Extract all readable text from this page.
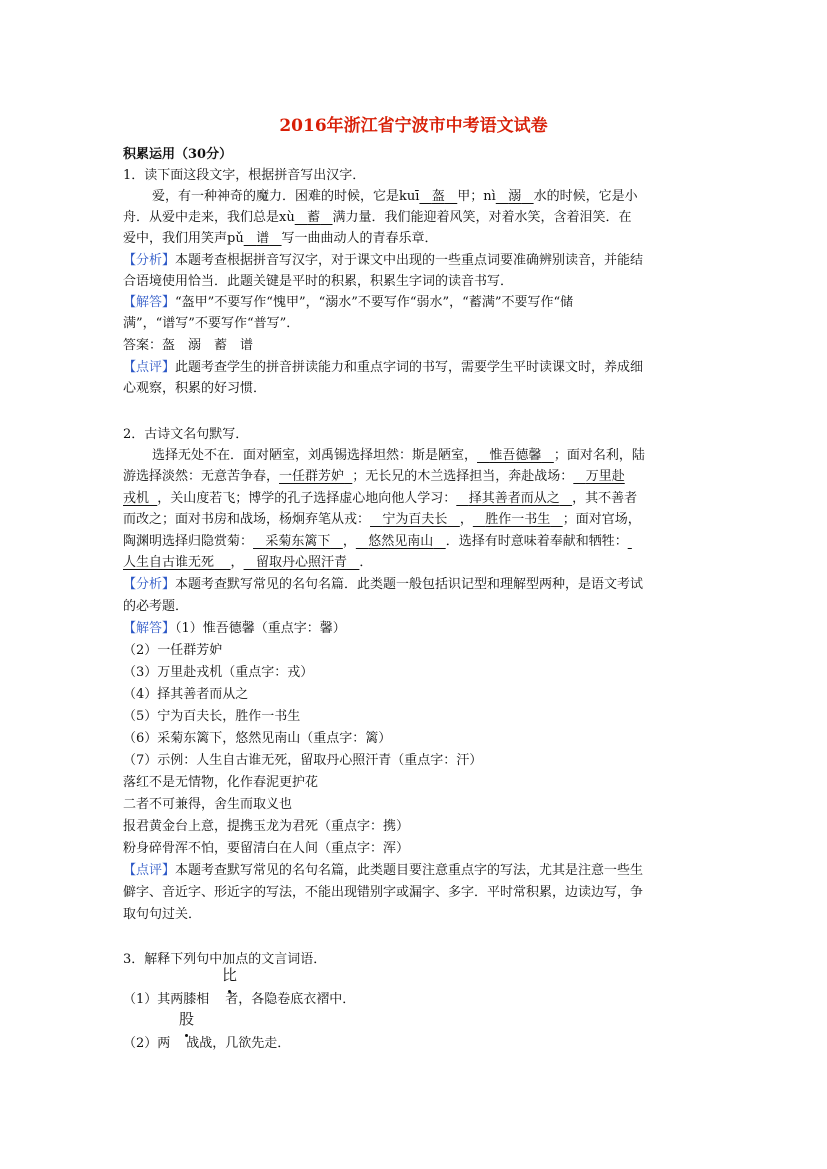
2016年浙江省宁波市中考语文试卷
积累运用（30分）
1．读下面这段文字，根据拼音写出汉字．
爱，有一种神奇的魔力．困难的时候，它是kuī 盔 甲；nì 溺 水的时候，它是小
舟．从爱中走来，我们总是xù 蓄 满力量．我们能迎着风笑，对着水笑，含着泪笑．在
爱中，我们用笑声pǔ 谱 写一曲曲动人的青春乐章．
【分析】本题考查根据拼音写汉字，对于课文中出现的一些重点词要准确辨别读音，并能结
合语境使用恰当．此题关键是平时的积累，积累生字词的读音书写．
【解答】“盔甲”不要写作“愧甲”，“溺水”不要写作“弱水”，“蓄满”不要写作“储
满”，“谱写”不要写作“普写”．
答案：盔　溺　蓄　谱
【点评】此题考查学生的拼音拼读能力和重点字词的书写，需要学生平时读课文时，养成细
心观察，积累的好习惯．
2．古诗文名句默写．
选择无处不在．面对陋室，刘禹锡选择坦然：斯是陋室， 惟吾德馨 ；面对名利，陆
游选择淡然：无意苦争春，一任群芳妒 ；无长兄的木兰选择担当，奔赴战场： 万里赴
戎机 ，关山度若飞；博学的孔子选择虚心地向他人学习： 择其善者而从之 ，其不善者
而改之；面对书房和战场，杨炯弃笔从戎： 宁为百夫长 ， 胜作一书生 ；面对官场，
陶渊明选择归隐赏菊： 采菊东篱下 ， 悠然见南山 ．选择有时意味着奉献和牺牲：
人生自古谁无死 ， 留取丹心照汗青 ．
【分析】本题考查默写常见的名句名篇．此类题一般包括识记型和理解型两种，是语文考试
的必考题．
【解答】（1）惟吾德馨（重点字：馨）
（2）一任群芳妒
（3）万里赴戎机（重点字：戎）
（4）择其善者而从之
（5）宁为百夫长，胜作一书生
（6）采菊东篱下，悠然见南山（重点字：篱）
（7）示例：人生自古谁无死，留取丹心照汗青（重点字：汗）
落红不是无情物，化作春泥更护花
二者不可兼得，舍生而取义也
报君黄金台上意，提携玉龙为君死（重点字：携）
粉身碎骨浑不怕，要留清白在人间（重点字：浑）
【点评】本题考查默写常见的名句名篇，此类题目要注意重点字的写法，尤其是注意一些生
僻字、音近字、形近字的写法，不能出现错别字或漏字、多字．平时常积累，边读边写，争
取句句过关．
3．解释下列句中加点的文言词语．
比
（1）其两膝相 者，各隐卷底衣褶中．
股
（2）两 战战，几欲先走．
